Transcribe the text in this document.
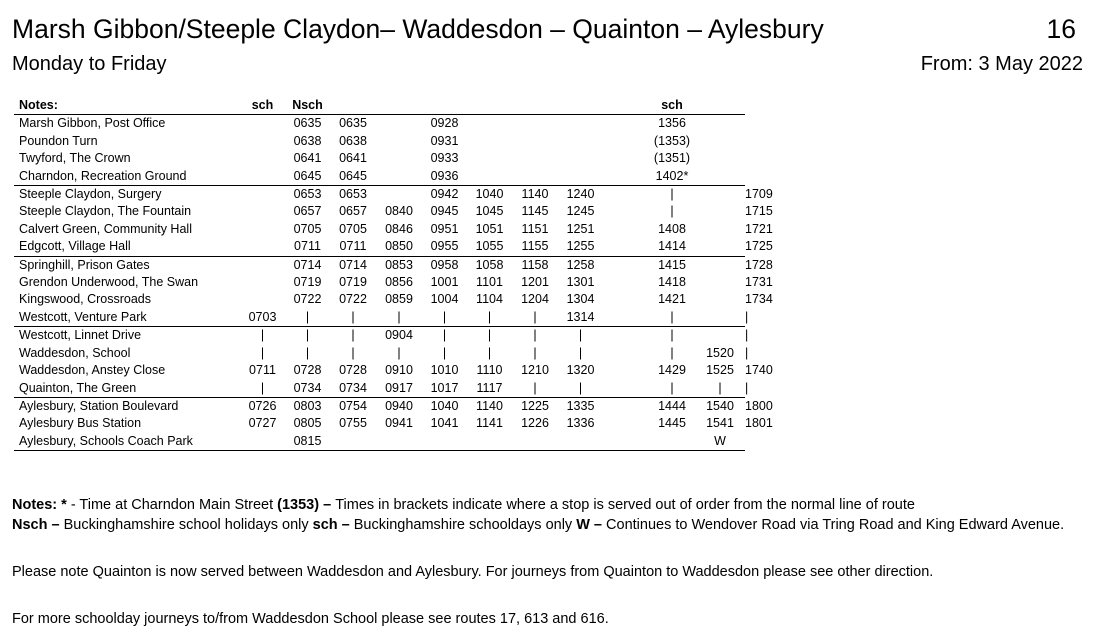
Marsh Gibbon/Steeple Claydon– Waddesdon – Quainton – Aylesbury	16
Monday to Friday	From: 3 May 2022
Notes:	sch	Nsch								sch		
Marsh Gibbon, Post Office		0635	0635		0928					1356		
Poundon Turn		0638	0638		0931					(1353)		
Twyford, The Crown		0641	0641		0933					(1351)		
Charndon, Recreation Ground		0645	0645		0936					1402*		
Steeple Claydon, Surgery		0653	0653		0942	1040	1140	1240		|		1709
Steeple Claydon, The Fountain		0657	0657	0840	0945	1045	1145	1245		|		1715
Calvert Green, Community Hall		0705	0705	0846	0951	1051	1151	1251		1408		1721
Edgcott, Village Hall		0711	0711	0850	0955	1055	1155	1255		1414		1725
Springhill, Prison Gates		0714	0714	0853	0958	1058	1158	1258		1415		1728
Grendon Underwood, The Swan		0719	0719	0856	1001	1101	1201	1301		1418		1731
Kingswood, Crossroads		0722	0722	0859	1004	1104	1204	1304		1421		1734
Westcott, Venture Park	0703	|	|	|	|	|	|	1314		|		|
Westcott, Linnet Drive	|	|	|	0904	|	|	|	|		|		|
Waddesdon, School	|	|	|	|	|	|	|	|		|	1520	|
Waddesdon, Anstey Close	0711	0728	0728	0910	1010	1110	1210	1320		1429	1525	1740
Quainton, The Green	|	0734	0734	0917	1017	1117	|	|		|	|	|
Aylesbury, Station Boulevard	0726	0803	0754	0940	1040	1140	1225	1335		1444	1540	1800
Aylesbury Bus Station	0727	0805	0755	0941	1041	1141	1226	1336		1445	1541	1801
Aylesbury, Schools Coach Park		0815									W	
Notes: * - Time at Charndon Main Street (1353) – Times in brackets indicate where a stop is served out of order from the normal line of route
Nsch – Buckinghamshire school holidays only sch – Buckinghamshire schooldays only W – Continues to Wendover Road via Tring Road and King Edward Avenue.
Please note Quainton is now served between Waddesdon and Aylesbury. For journeys from Quainton to Waddesdon please see other direction.
For more schoolday journeys to/from Waddesdon School please see routes 17, 613 and 616.
